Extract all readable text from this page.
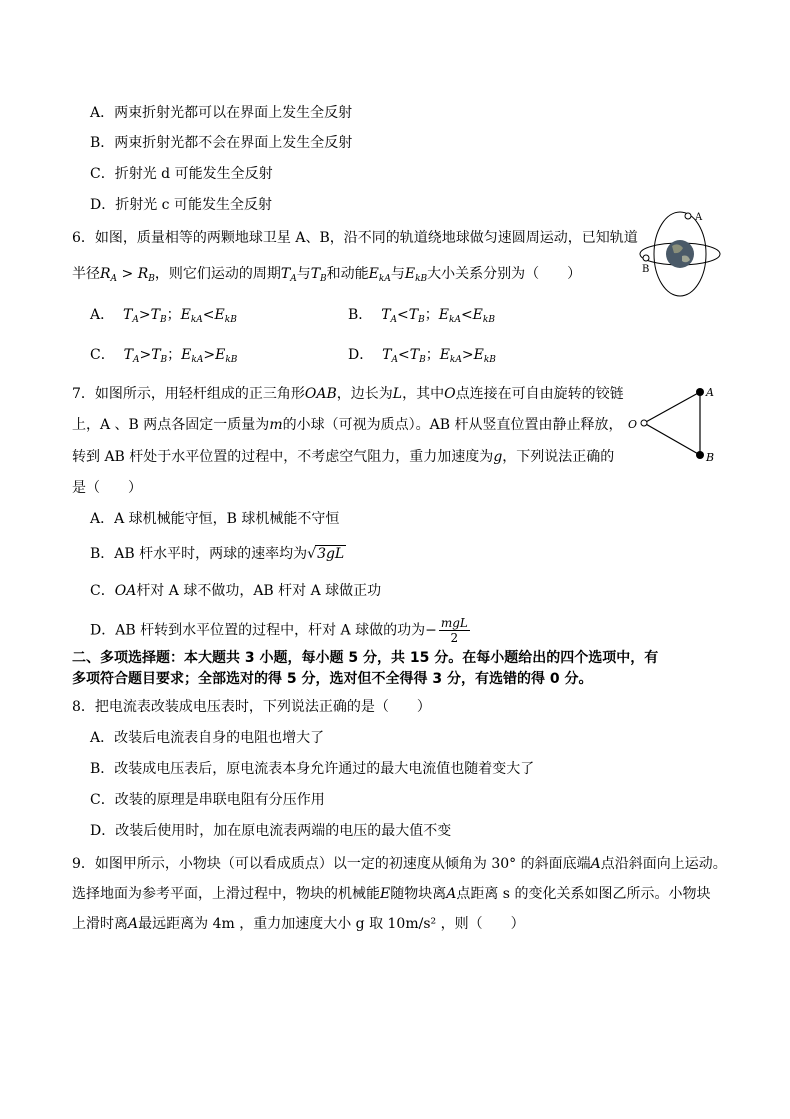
A．两束折射光都可以在界面上发生全反射
B．两束折射光都不会在界面上发生全反射
C．折射光 d 可能发生全反射
D．折射光 c 可能发生全反射
6．如图，质量相等的两颗地球卫星 A、B，沿不同的轨道绕地球做匀速圆周运动，已知轨道
半径$R_A > R_B$，则它们运动的周期$T_A$与$T_B$和动能$E_{kA}$与$E_{kB}$大小关系分别为（　　）
A． $T_A>T_B$；$E_{kA}<E_{kB}$	B． $T_A<T_B$；$E_{kA}<E_{kB}$
C． $T_A>T_B$；$E_{kA}>E_{kB}$	D． $T_A<T_B$；$E_{kA}>E_{kB}$
A
B
7．如图所示，用轻杆组成的正三角形OAB，边长为L，其中O点连接在可自由旋转的铰链
上，A 、B 两点各固定一质量为m的小球（可视为质点）。AB 杆从竖直位置由静止释放，
转到 AB 杆处于水平位置的过程中，不考虑空气阻力，重力加速度为g，下列说法正确的
是（　　）
A．A 球机械能守恒，B 球机械能不守恒
B．AB 杆水平时，两球的速率均为√3gL
C．OA杆对 A 球不做功，AB 杆对 A 球做正功
D．AB 杆转到水平位置的过程中，杆对 A 球做的功为− $\frac{\text{mgL}}{2}$
A
O
B
二、多项选择题：本大题共 3 小题，每小题 5 分，共 15 分。在每小题给出的四个选项中，有
多项符合题目要求；全部选对的得 5 分，选对但不全得得 3 分，有选错的得 0 分。
8．把电流表改装成电压表时，下列说法正确的是（　　）
A．改装后电流表自身的电阻也增大了
B．改装成电压表后，原电流表本身允许通过的最大电流值也随着变大了
C．改装的原理是串联电阻有分压作用
D．改装后使用时，加在原电流表两端的电压的最大值不变
9．如图甲所示，小物块（可以看成质点）以一定的初速度从倾角为 30° 的斜面底端A点沿斜面向上运动。
选择地面为参考平面，上滑过程中，物块的机械能E随物块离A点距离 s 的变化关系如图乙所示。小物块
上滑时离A最远距离为 4m ，重力加速度大小 g 取 10m/s² ，则（　　）
